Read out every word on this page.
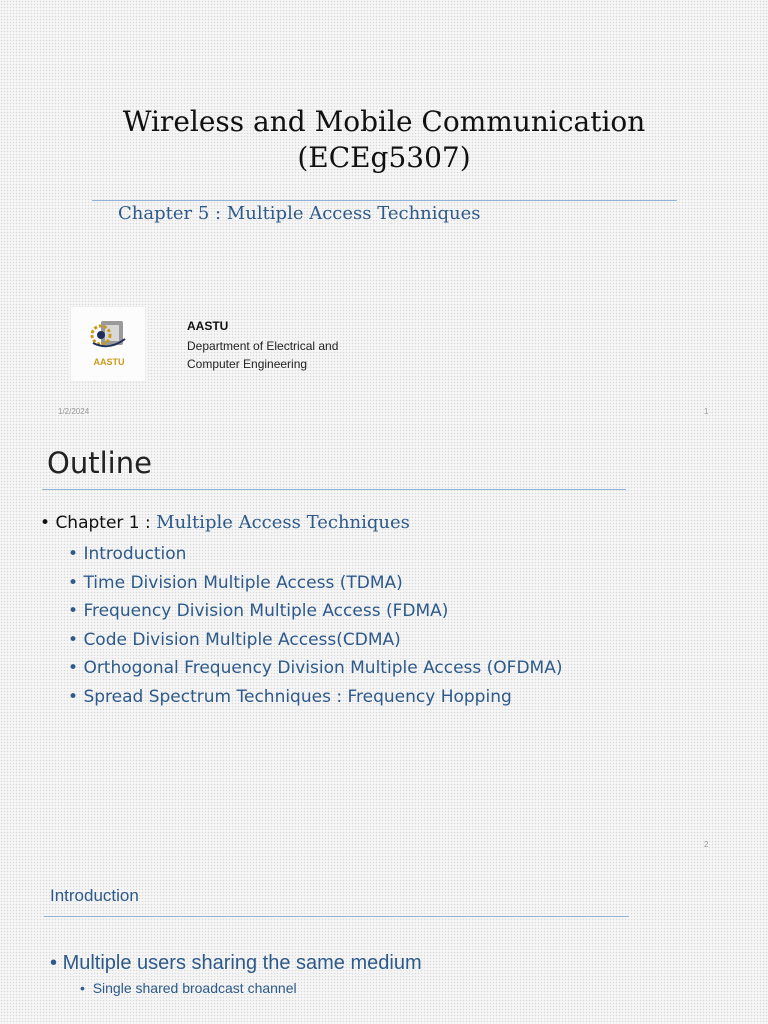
Wireless and Mobile Communication
(ECEg5307)
Chapter 5 : Multiple Access Techniques
AASTU
AASTU
Department of Electrical and Computer Engineering
1/2/2024	1
Outline
• Chapter 1 : Multiple Access Techniques
• Introduction
• Time Division Multiple Access (TDMA)
• Frequency Division Multiple Access (FDMA)
• Code Division Multiple Access(CDMA)
• Orthogonal Frequency Division Multiple Access (OFDMA)
• Spread Spectrum Techniques : Frequency Hopping
2
Introduction
• Multiple users sharing the same medium
•  Single shared broadcast channel
